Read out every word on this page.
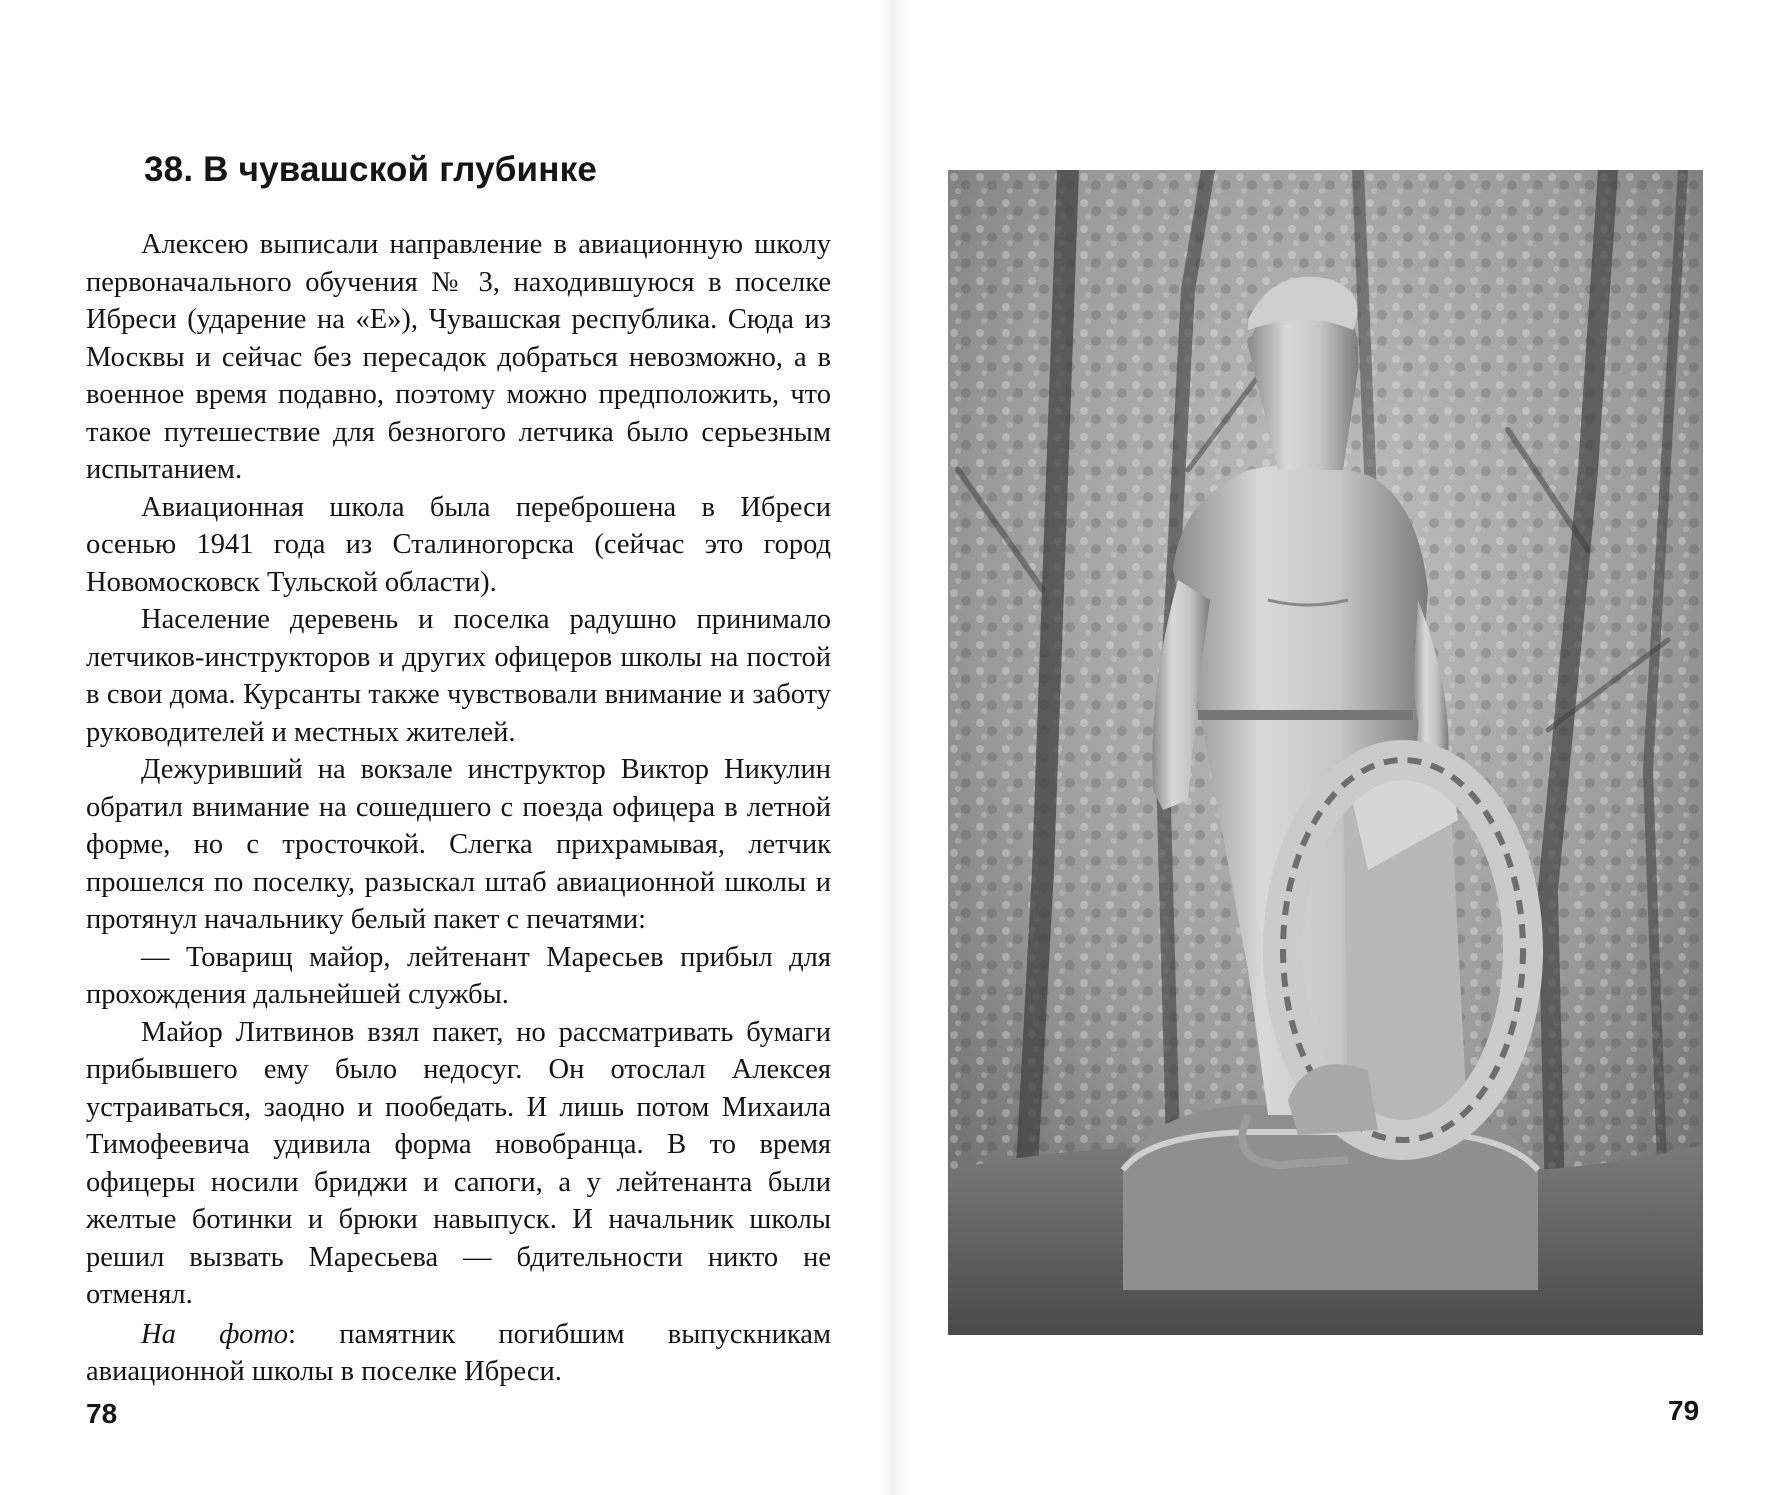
38. В чувашской глубинке

Алексею выписали направление в авиационную школу первоначального обучения № 3, находившуюся в поселке Ибреси (ударение на «Е»), Чувашская республика. Сюда из Москвы и сейчас без пересадок добраться невозможно, а в военное время подавно, поэтому можно предположить, что такое путешествие для безногого летчика было серьезным испытанием.

Авиационная школа была переброшена в Ибреси осенью 1941 года из Сталиногорска (сейчас это город Новомосковск Тульской области).

Население деревень и поселка радушно принимало летчиков-инструкторов и других офицеров школы на постой в свои дома. Курсанты также чувствовали внимание и заботу руководителей и местных жителей.

Дежуривший на вокзале инструктор Виктор Никулин обратил внимание на сошедшего с поезда офицера в летной форме, но с тросточкой. Слегка прихрамывая, летчик прошелся по поселку, разыскал штаб авиационной школы и протянул начальнику белый пакет с печатями:

— Товарищ майор, лейтенант Маресьев прибыл для прохождения дальнейшей службы.

Майор Литвинов взял пакет, но рассматривать бумаги прибывшего ему было недосуг. Он отослал Алексея устраиваться, заодно и пообедать. И лишь потом Михаила Тимофеевича удивила форма новобранца. В то время офицеры носили бриджи и сапоги, а у лейтенанта были желтые ботинки и брюки навыпуск. И начальник школы решил вызвать Маресьева — бдительности никто не отменял.

На фото: памятник погибшим выпускникам авиационной школы в поселке Ибреси.

78	79
